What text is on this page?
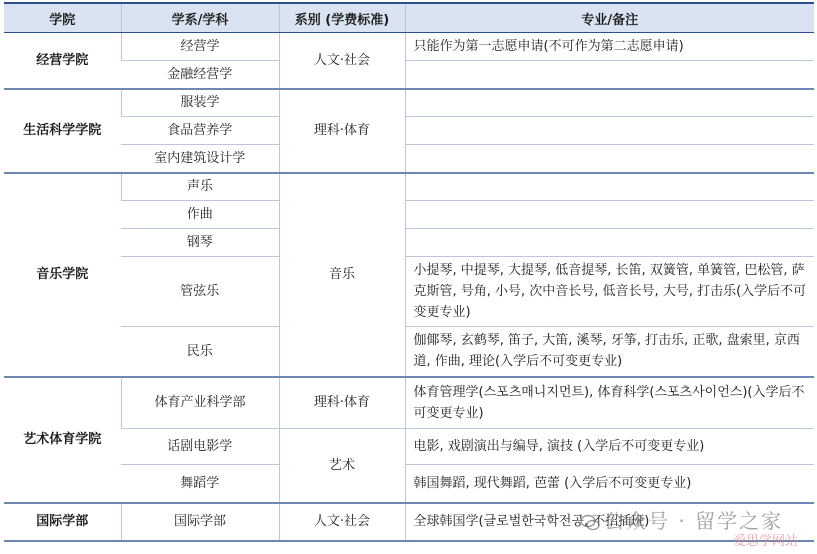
学院	学系/学科	系别 (学费标准)	专业/备注
经营学院	经营学	人文·社会	只能作为第一志愿申请(不可作为第二志愿申请)
	金融经营学		
生活科学学院	服装学	理科·体育	
	食品营养学		
	室内建筑设计学		
音乐学院	声乐	音乐	
	作曲		
	钢琴		
	管弦乐		小提琴, 中提琴, 大提琴, 低音提琴, 长笛, 双簧管, 单簧管, 巴松管, 萨克斯管, 号角, 小号, 次中音长号, 低音长号, 大号, 打击乐(入学后不可变更专业)
	民乐		伽倻琴, 玄鹤琴, 笛子, 大笛, 溪琴, 牙筝, 打击乐, 正歌, 盘索里, 京西道, 作曲, 理论(入学后不可变更专业)
艺术体育学院	体育产业科学部	理科·体育	体育管理学(스포츠매니지먼트), 体育科学(스포츠사이언스)(入学后不可变更专业)
	话剧电影学	艺术	电影, 戏剧演出与编导, 演技 (入学后不可变更专业)
	舞蹈学		韩国舞蹈, 现代舞蹈, 芭蕾 (入学后不可变更专业)
国际学部	国际学部	人文·社会	全球韩国学(글로벌한국학전공, 不招插班)
公众号 · 留学之家
爱思学网站
